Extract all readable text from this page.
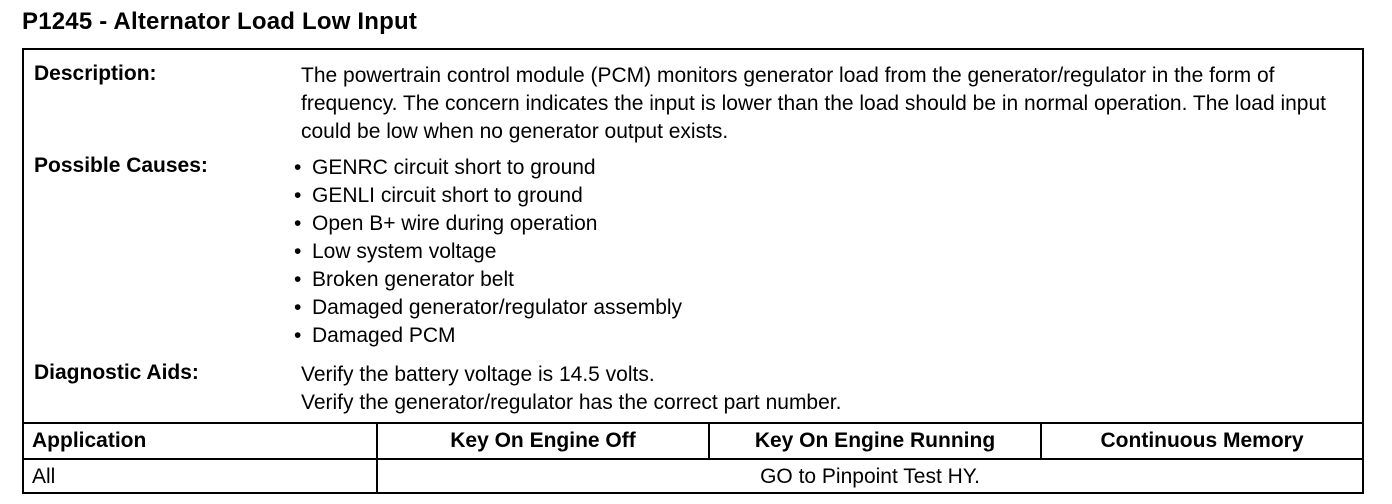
P1245 - Alternator Load Low Input
Description:	The powertrain control module (PCM) monitors generator load from the generator/regulator in the form of frequency. The concern indicates the input is lower than the load should be in normal operation. The load input could be low when no generator output exists.
Possible Causes:
•	GENRC circuit short to ground
• GENLI circuit short to ground
• Open B+ wire during operation
• Low system voltage
• Broken generator belt
• Damaged generator/regulator assembly
• Damaged PCM
Diagnostic Aids:	Verify the battery voltage is 14.5 volts.
Verify the generator/regulator has the correct part number.
Application	Key On Engine Off	Key On Engine Running	Continuous Memory
All	GO to Pinpoint Test HY.
